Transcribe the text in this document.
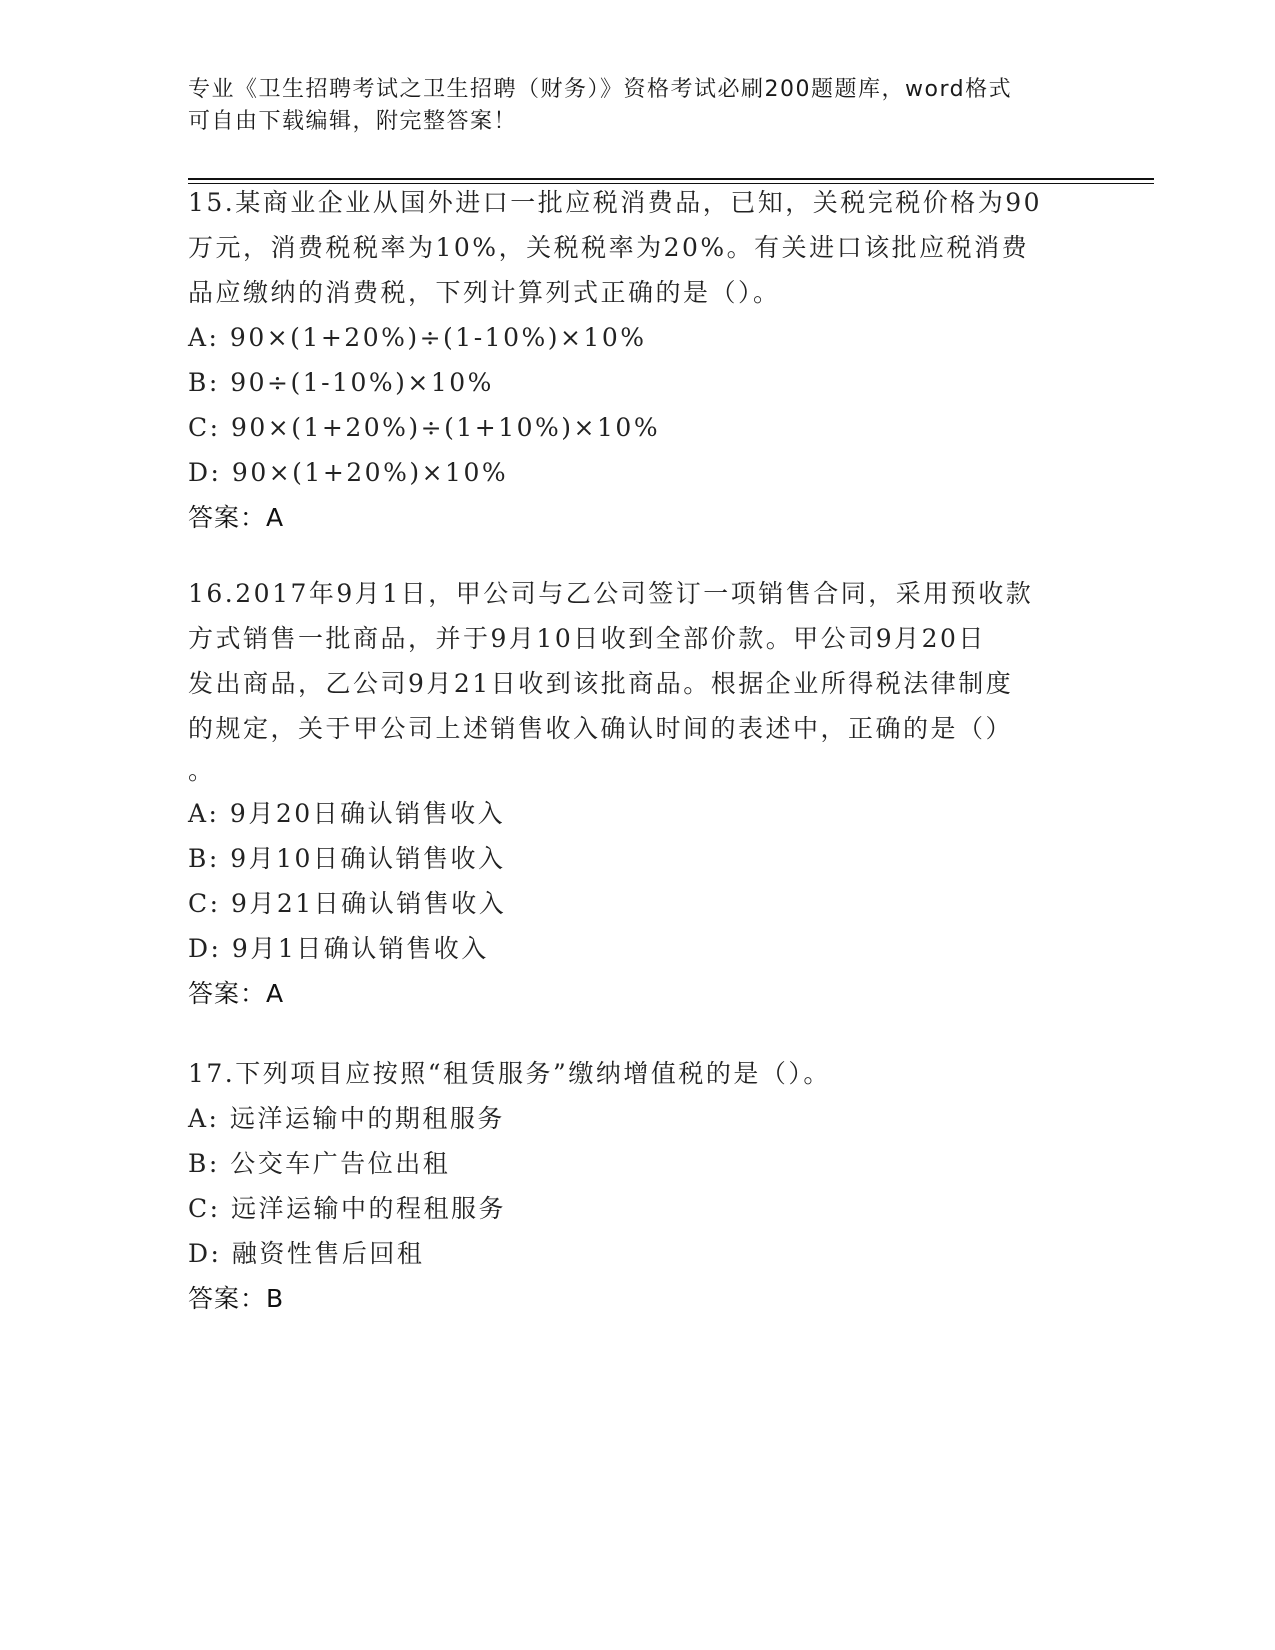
专业《卫生招聘考试之卫生招聘（财务）》资格考试必刷200题题库，word格式
可自由下载编辑，附完整答案！
15.某商业企业从国外进口一批应税消费品，已知，关税完税价格为90
万元，消费税税率为10%，关税税率为20%。有关进口该批应税消费
品应缴纳的消费税，下列计算列式正确的是（）。
A: 90×(1+20%)÷(1-10%)×10%
B: 90÷(1-10%)×10%
C: 90×(1+20%)÷(1+10%)×10%
D: 90×(1+20%)×10%
答案：A
16.2017年9月1日，甲公司与乙公司签订一项销售合同，采用预收款
方式销售一批商品，并于9月10日收到全部价款。甲公司9月20日
发出商品，乙公司9月21日收到该批商品。根据企业所得税法律制度
的规定，关于甲公司上述销售收入确认时间的表述中，正确的是（）
。
A: 9月20日确认销售收入
B: 9月10日确认销售收入
C: 9月21日确认销售收入
D: 9月1日确认销售收入
答案：A
17.下列项目应按照“租赁服务”缴纳增值税的是（）。
A: 远洋运输中的期租服务
B: 公交车广告位出租
C: 远洋运输中的程租服务
D: 融资性售后回租
答案：B
